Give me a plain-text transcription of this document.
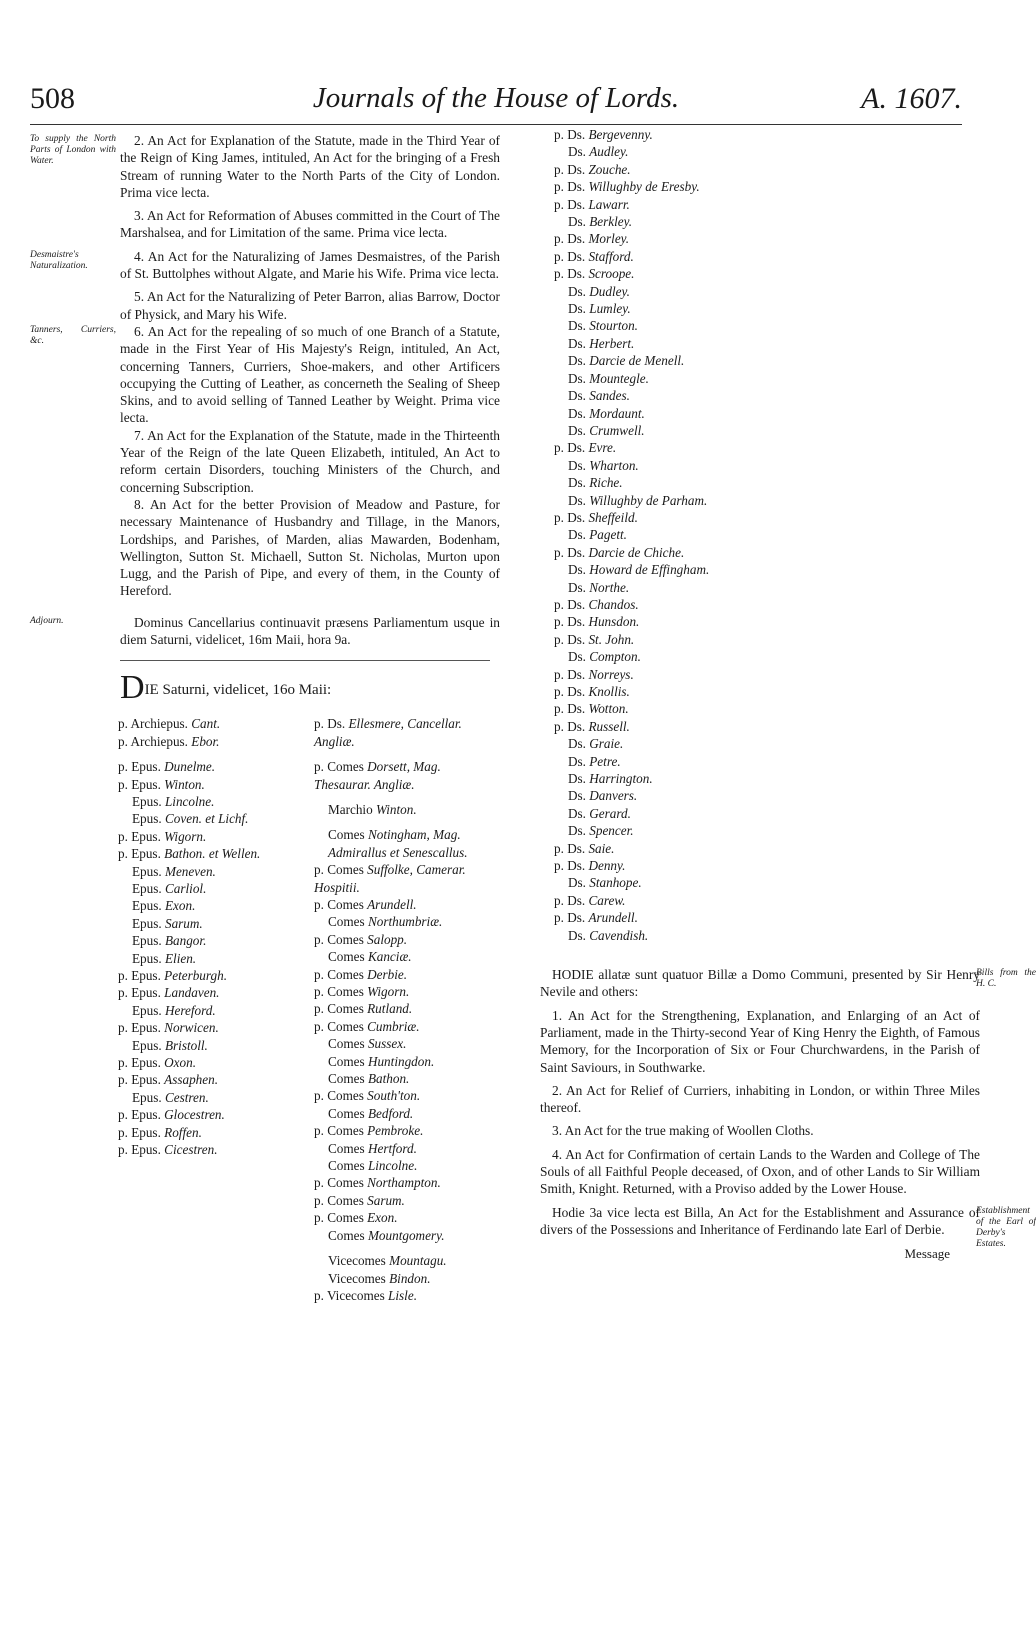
508	Journals of the House of Lords.	A. 1607.
To supply the North Parts of London with Water.
2. An Act for Explanation of the Statute, made in the Third Year of the Reign of King James, intituled, An Act for the bringing of a Fresh Stream of running Water to the North Parts of the City of London. Prima vice lecta.
3. An Act for Reformation of Abuses committed in the Court of The Marshalsea, and for Limitation of the same. Prima vice lecta.
Desmaistre's Naturalization.
4. An Act for the Naturalizing of James Desmaistres, of the Parish of St. Buttolphes without Algate, and Marie his Wife. Prima vice lecta.
5. An Act for the Naturalizing of Peter Barron, alias Barrow, Doctor of Physick, and Mary his Wife.
Tanners, Curriers, &c.
6. An Act for the repealing of so much of one Branch of a Statute, made in the First Year of His Majesty's Reign, intituled, An Act, concerning Tanners, Curriers, Shoe-makers, and other Artificers occupying the Cutting of Leather, as concerneth the Sealing of Sheep Skins, and to avoid selling of Tanned Leather by Weight. Prima vice lecta.
7. An Act for the Explanation of the Statute, made in the Thirteenth Year of the Reign of the late Queen Elizabeth, intituled, An Act to reform certain Disorders, touching Ministers of the Church, and concerning Subscription.
8. An Act for the better Provision of Meadow and Pasture, for necessary Maintenance of Husbandry and Tillage, in the Manors, Lordships, and Parishes, of Marden, alias Mawarden, Bodenham, Wellington, Sutton St. Michaell, Sutton St. Nicholas, Murton upon Lugg, and the Parish of Pipe, and every of them, in the County of Hereford.
Adjourn.	Dominus Cancellarius continuavit præsens Parliamentum usque in diem Saturni, videlicet, 16m Maii, hora 9a.
DIE Saturni, videlicet, 16o Maii:
p. Archiepus. Cant.
p. Archiepus. Ebor.
p. Epus. Dunelme.
p. Epus. Winton.
Epus. Lincolne.
Epus. Coven. et Lichf.
p. Epus. Wigorn.
p. Epus. Bathon. et Wellen.
Epus. Meneven.
Epus. Carliol.
Epus. Exon.
Epus. Sarum.
Epus. Bangor.
Epus. Elien.
p. Epus. Peterburgh.
p. Epus. Landaven.
Epus. Hereford.
p. Epus. Norwicen.
Epus. Bristoll.
p. Epus. Oxon.
p. Epus. Assaphen.
Epus. Cestren.
p. Epus. Glocestren.
p. Epus. Roffen.
p. Epus. Cicestren.
p. Ds. Ellesmere, Cancellar. Angliæ.
p. Comes Dorsett, Mag. Thesaurar. Angliæ.
Marchio Winton.
Comes Notingham, Mag. Admirallus et Senescallus.
p. Comes Suffolke, Camerar. Hospitii.
p. Comes Arundell.
Comes Northumbriæ.
p. Comes Salopp.
Comes Kanciæ.
p. Comes Derbie.
p. Comes Wigorn.
p. Comes Rutland.
p. Comes Cumbriæ.
Comes Sussex.
Comes Huntingdon.
Comes Bathon.
p. Comes South'ton.
Comes Bedford.
p. Comes Pembroke.
Comes Hertford.
Comes Lincolne.
p. Comes Northampton.
p. Comes Sarum.
p. Comes Exon.
Comes Mountgomery.
Vicecomes Mountagu.
Vicecomes Bindon.
p. Vicecomes Lisle.
p. Ds. Bergevenny.
Ds. Audley.
p. Ds. Zouche.
p. Ds. Willughby de Eresby.
p. Ds. Lawarr.
Ds. Berkley.
p. Ds. Morley.
p. Ds. Stafford.
p. Ds. Scroope.
Ds. Dudley.
Ds. Lumley.
Ds. Stourton.
Ds. Herbert.
Ds. Darcie de Menell.
Ds. Mountegle.
Ds. Sandes.
Ds. Mordaunt.
Ds. Crumwell.
p. Ds. Evre.
Ds. Wharton.
Ds. Riche.
Ds. Willughby de Parham.
p. Ds. Sheffeild.
Ds. Pagett.
p. Ds. Darcie de Chiche.
Ds. Howard de Effingham.
Ds. Northe.
p. Ds. Chandos.
p. Ds. Hunsdon.
p. Ds. St. John.
Ds. Compton.
p. Ds. Norreys.
p. Ds. Knollis.
p. Ds. Wotton.
p. Ds. Russell.
Ds. Graie.
Ds. Petre.
Ds. Harrington.
Ds. Danvers.
Ds. Gerard.
Ds. Spencer.
p. Ds. Saie.
p. Ds. Denny.
Ds. Stanhope.
p. Ds. Carew.
p. Ds. Arundell.
Ds. Cavendish.
Bills from the H. C.
HODIE allatæ sunt quatuor Billæ a Domo Communi, presented by Sir Henry Nevile and others:
1. An Act for the Strengthening, Explanation, and Enlarging of an Act of Parliament, made in the Thirty-second Year of King Henry the Eighth, of Famous Memory, for the Incorporation of Six or Four Churchwardens, in the Parish of Saint Saviours, in Southwarke.
2. An Act for Relief of Curriers, inhabiting in London, or within Three Miles thereof.
3. An Act for the true making of Woollen Cloths.
4. An Act for Confirmation of certain Lands to the Warden and College of The Souls of all Faithful People deceased, of Oxon, and of other Lands to Sir William Smith, Knight. Returned, with a Proviso added by the Lower House.
Establishment of the Earl of Derby's Estates.
Hodie 3a vice lecta est Billa, An Act for the Establishment and Assurance of divers of the Possessions and Inheritance of Ferdinando late Earl of Derbie.
Message
